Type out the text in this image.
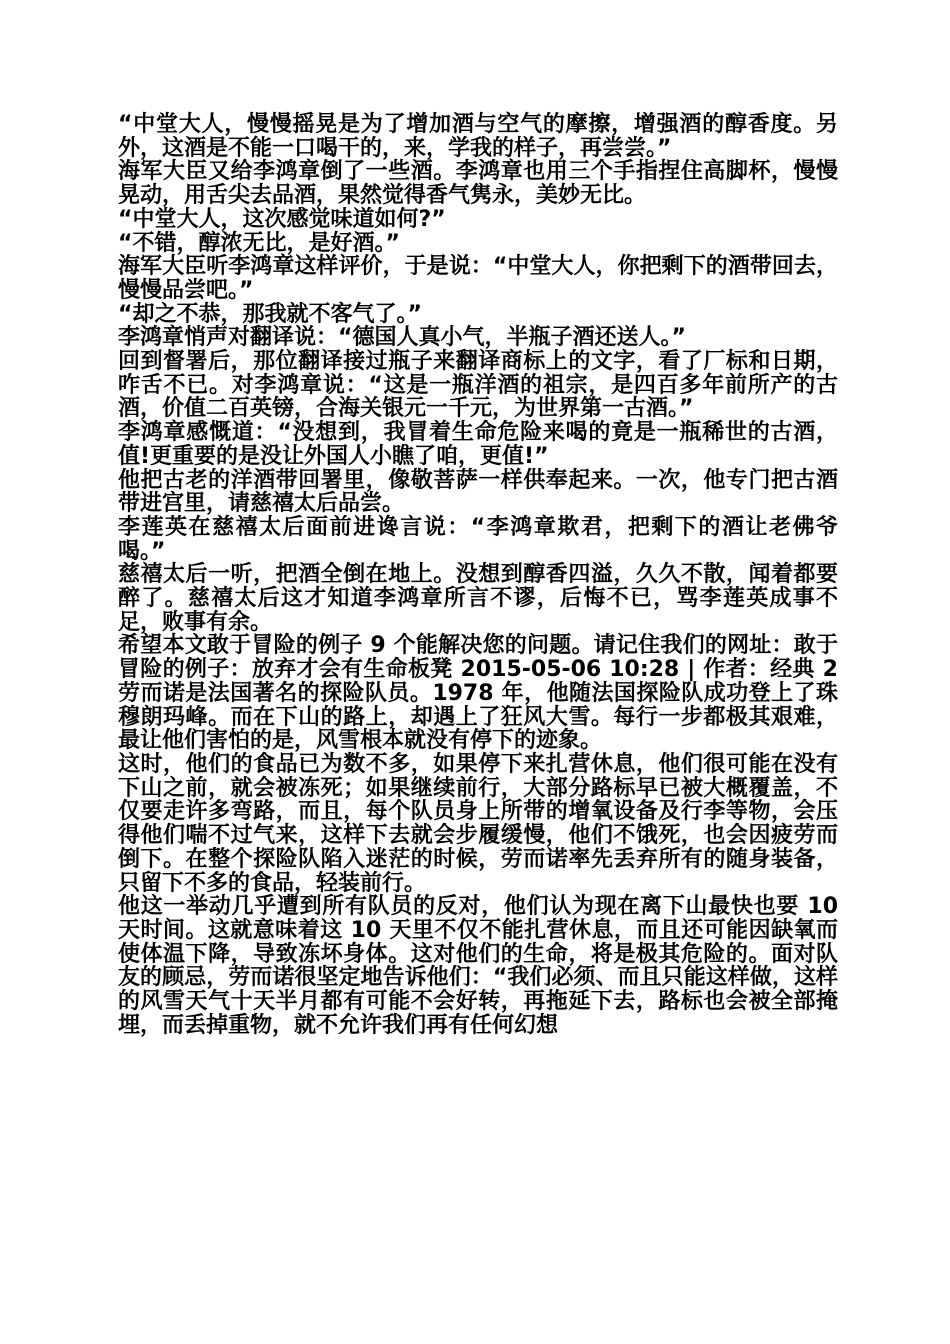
“中堂大人，慢慢摇晃是为了增加酒与空气的摩擦，增强酒的醇香度。另外，这酒是不能一口喝干的，来，学我的样子，再尝尝。”

海军大臣又给李鸿章倒了一些酒。李鸿章也用三个手指捏住高脚杯，慢慢晃动，用舌尖去品酒，果然觉得香气隽永，美妙无比。

“中堂大人，这次感觉味道如何?”

“不错，醇浓无比，是好酒。”

海军大臣听李鸿章这样评价，于是说：“中堂大人，你把剩下的酒带回去，慢慢品尝吧。”

“却之不恭，那我就不客气了。”

李鸿章悄声对翻译说：“德国人真小气，半瓶子酒还送人。”

回到督署后，那位翻译接过瓶子来翻译商标上的文字，看了厂标和日期，咋舌不已。对李鸿章说：“这是一瓶洋酒的祖宗，是四百多年前所产的古酒，价值二百英镑，合海关银元一千元，为世界第一古酒。”

李鸿章感慨道：“没想到，我冒着生命危险来喝的竟是一瓶稀世的古酒，值!更重要的是没让外国人小瞧了咱，更值!”

他把古老的洋酒带回署里，像敬菩萨一样供奉起来。一次，他专门把古酒带进宫里，请慈禧太后品尝。

李莲英在慈禧太后面前进谗言说：“李鸿章欺君，把剩下的酒让老佛爷喝。”

慈禧太后一听，把酒全倒在地上。没想到醇香四溢，久久不散，闻着都要醉了。慈禧太后这才知道李鸿章所言不谬，后悔不已，骂李莲英成事不足，败事有余。

希望本文敢于冒险的例子 9 个能解决您的问题。请记住我们的网址：敢于冒险的例子：放弃才会有生命板凳 2015-05-06 10:28 | 作者：经典 2 劳而诺是法国著名的探险队员。1978 年，他随法国探险队成功登上了珠穆朗玛峰。而在下山的路上，却遇上了狂风大雪。每行一步都极其艰难，最让他们害怕的是，风雪根本就没有停下的迹象。

这时，他们的食品已为数不多，如果停下来扎营休息，他们很可能在没有下山之前，就会被冻死；如果继续前行，大部分路标早已被大概覆盖，不仅要走许多弯路，而且，每个队员身上所带的增氧设备及行李等物，会压得他们喘不过气来，这样下去就会步履缓慢，他们不饿死，也会因疲劳而倒下。在整个探险队陷入迷茫的时候，劳而诺率先丢弃所有的随身装备，只留下不多的食品，轻装前行。

他这一举动几乎遭到所有队员的反对，他们认为现在离下山最快也要 10 天时间。这就意味着这 10 天里不仅不能扎营休息，而且还可能因缺氧而使体温下降，导致冻坏身体。这对他们的生命，将是极其危险的。面对队友的顾忌，劳而诺很坚定地告诉他们：“我们必须、而且只能这样做，这样的风雪天气十天半月都有可能不会好转，再拖延下去，路标也会被全部掩埋，而丢掉重物，就不允许我们再有任何幻想
